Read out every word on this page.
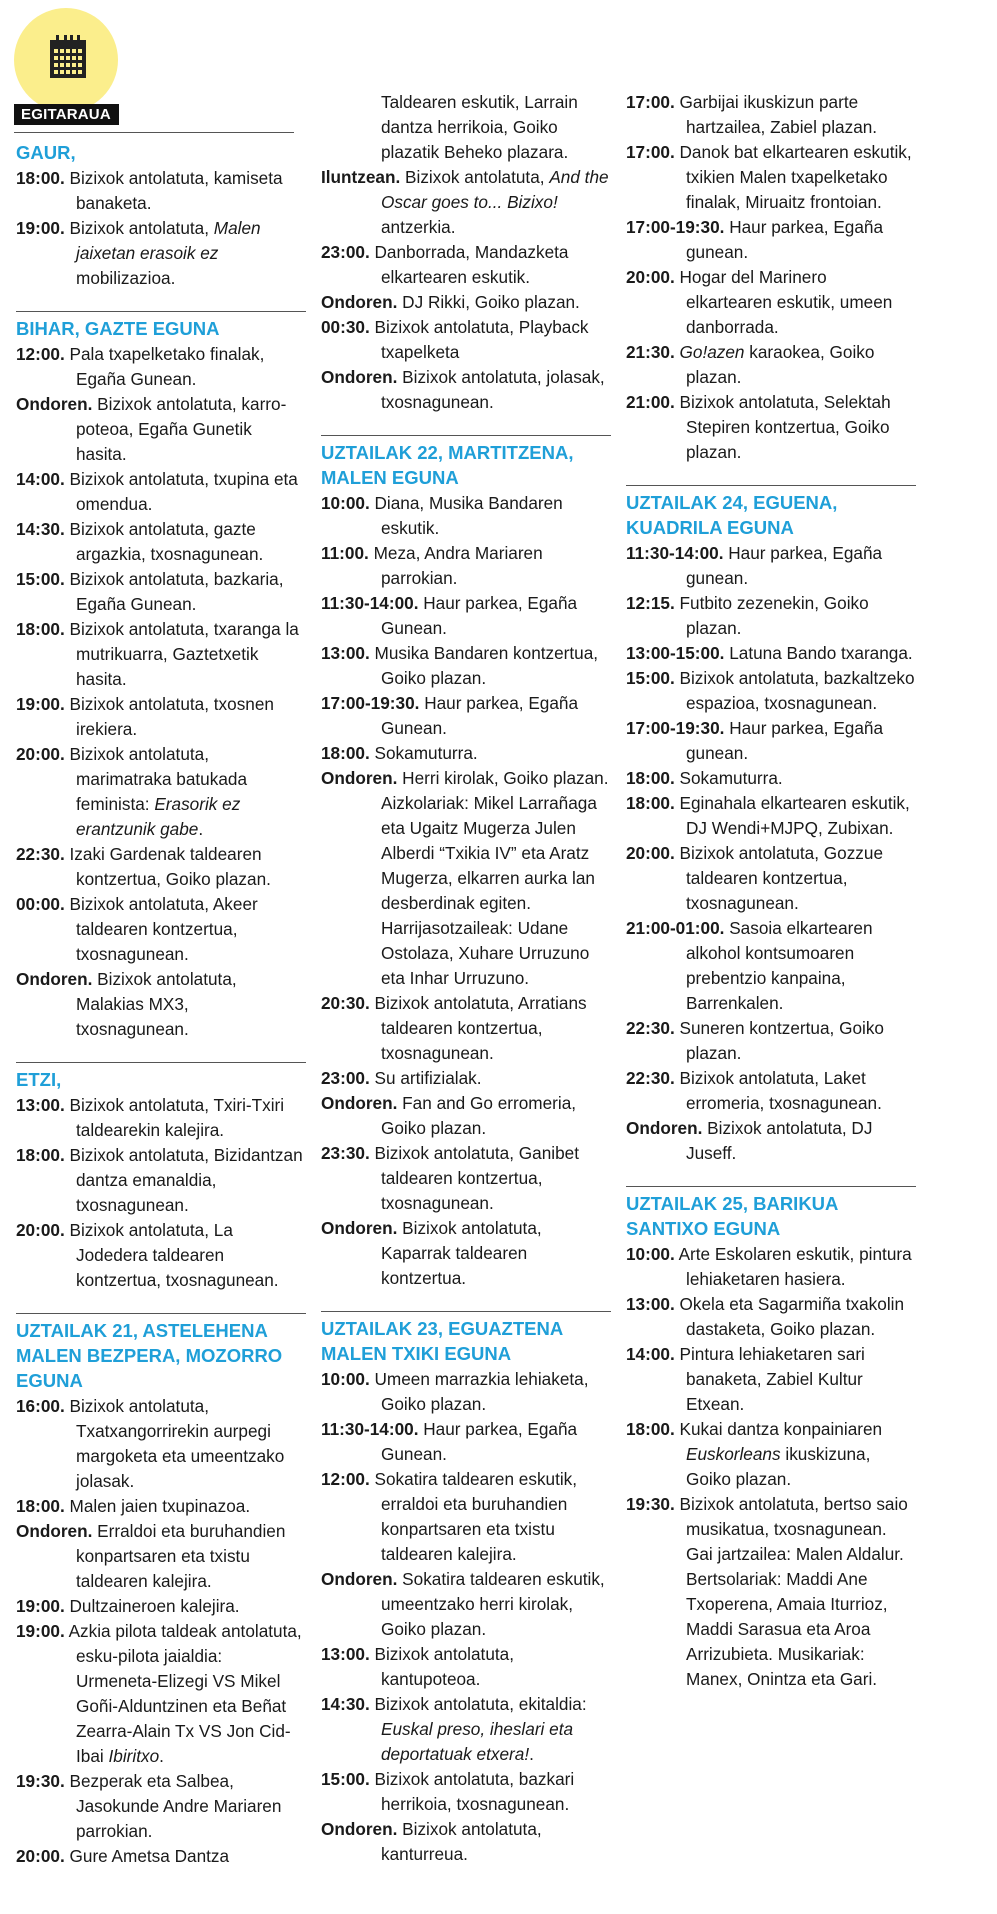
EGITARAUA
GAUR,
18:00. Bizixok antolatuta, kamiseta banaketa.
19:00. Bizixok antolatuta, Malen jaixetan erasoik ez mobilizazioa.
BIHAR, GAZTE EGUNA
12:00. Pala txapelketako finalak, Egaña Gunean.
Ondoren. Bizixok antolatuta, karro-poteoa, Egaña Gunetik hasita.
14:00. Bizixok antolatuta, txupina eta omendua.
14:30. Bizixok antolatuta, gazte argazkia, txosnagunean.
15:00. Bizixok antolatuta, bazkaria, Egaña Gunean.
18:00. Bizixok antolatuta, txaranga la mutrikuarra, Gaztetxetik hasita.
19:00. Bizixok antolatuta, txosnen irekiera.
20:00. Bizixok antolatuta, marimatraka batukada feminista: Erasorik ez erantzunik gabe.
22:30. Izaki Gardenak taldearen kontzertua, Goiko plazan.
00:00. Bizixok antolatuta, Akeer taldearen kontzertua, txosnagunean.
Ondoren. Bizixok antolatuta, Malakias MX3, txosnagunean.
ETZI,
13:00. Bizixok antolatuta, Txiri-Txiri taldearekin kalejira.
18:00. Bizixok antolatuta, Bizidantzan dantza emanaldia, txosnagunean.
20:00. Bizixok antolatuta, La Jodedera taldearen kontzertua, txosnagunean.
UZTAILAK 21, ASTELEHENA MALEN BEZPERA, MOZORRO EGUNA
16:00. Bizixok antolatuta, Txatxangorrirekin aurpegi margoketa eta umeentzako jolasak.
18:00. Malen jaien txupinazoa.
Ondoren. Erraldoi eta buruhandien konpartsaren eta txistu taldearen kalejira.
19:00. Dultzaineroen kalejira.
19:00. Azkia pilota taldeak antolatuta, esku-pilota jaialdia: Urmeneta-Elizegi VS Mikel Goñi-Alduntzinen eta Beñat Zearra-Alain Tx VS Jon Cid-Ibai Ibiritxo.
19:30. Bezperak eta Salbea, Jasokunde Andre Mariaren parrokian.
20:00. Gure Ametsa Dantza
Taldearen eskutik, Larrain dantza herrikoia, Goiko plazatik Beheko plazara.
Iluntzean. Bizixok antolatuta, And the Oscar goes to... Bizixo! antzerkia.
23:00. Danborrada, Mandazketa elkartearen eskutik.
Ondoren. DJ Rikki, Goiko plazan.
00:30. Bizixok antolatuta, Playback txapelketa
Ondoren. Bizixok antolatuta, jolasak, txosnagunean.
UZTAILAK 22, MARTITZENA, MALEN EGUNA
10:00. Diana, Musika Bandaren eskutik.
11:00. Meza, Andra Mariaren parrokian.
11:30-14:00. Haur parkea, Egaña Gunean.
13:00. Musika Bandaren kontzertua, Goiko plazan.
17:00-19:30. Haur parkea, Egaña Gunean.
18:00. Sokamuturra.
Ondoren. Herri kirolak, Goiko plazan. Aizkolariak: Mikel Larrañaga eta Ugaitz Mugerza Julen Alberdi “Txikia IV” eta Aratz Mugerza, elkarren aurka lan desberdinak egiten. Harrijasotzaileak: Udane Ostolaza, Xuhare Urruzuno eta Inhar Urruzuno.
20:30. Bizixok antolatuta, Arratians taldearen kontzertua, txosnagunean.
23:00. Su artifizialak.
Ondoren. Fan and Go erromeria, Goiko plazan.
23:30. Bizixok antolatuta, Ganibet taldearen kontzertua, txosnagunean.
Ondoren. Bizixok antolatuta, Kaparrak taldearen kontzertua.
UZTAILAK 23, EGUAZTENA MALEN TXIKI EGUNA
10:00. Umeen marrazkia lehiaketa, Goiko plazan.
11:30-14:00. Haur parkea, Egaña Gunean.
12:00. Sokatira taldearen eskutik, erraldoi eta buruhandien konpartsaren eta txistu taldearen kalejira.
Ondoren. Sokatira taldearen eskutik, umeentzako herri kirolak, Goiko plazan.
13:00. Bizixok antolatuta, kantupoteoa.
14:30. Bizixok antolatuta, ekitaldia: Euskal preso, iheslari eta deportatuak etxera!.
15:00. Bizixok antolatuta, bazkari herrikoia, txosnagunean.
Ondoren. Bizixok antolatuta, kanturreua.
17:00. Garbijai ikuskizun parte hartzailea, Zabiel plazan.
17:00. Danok bat elkartearen eskutik, txikien Malen txapelketako finalak, Miruaitz frontoian.
17:00-19:30. Haur parkea, Egaña gunean.
20:00. Hogar del Marinero elkartearen eskutik, umeen danborrada.
21:30. Go!azen karaokea, Goiko plazan.
21:00. Bizixok antolatuta, Selektah Stepiren kontzertua, Goiko plazan.
UZTAILAK 24, EGUENA, KUADRILA EGUNA
11:30-14:00. Haur parkea, Egaña gunean.
12:15. Futbito zezenekin, Goiko plazan.
13:00-15:00. Latuna Bando txaranga.
15:00. Bizixok antolatuta, bazkaltzeko espazioa, txosnagunean.
17:00-19:30. Haur parkea, Egaña gunean.
18:00. Sokamuturra.
18:00. Eginahala elkartearen eskutik, DJ Wendi+MJPQ, Zubixan.
20:00. Bizixok antolatuta, Gozzue taldearen kontzertua, txosnagunean.
21:00-01:00. Sasoia elkartearen alkohol kontsumoaren prebentzio kanpaina, Barrenkalen.
22:30. Suneren kontzertua, Goiko plazan.
22:30. Bizixok antolatuta, Laket erromeria, txosnagunean.
Ondoren. Bizixok antolatuta, DJ Juseff.
UZTAILAK 25, BARIKUA SANTIXO EGUNA
10:00. Arte Eskolaren eskutik, pintura lehiaketaren hasiera.
13:00. Okela eta Sagarmiña txakolin dastaketa, Goiko plazan.
14:00. Pintura lehiaketaren sari banaketa, Zabiel Kultur Etxean.
18:00. Kukai dantza konpainiaren Euskorleans ikuskizuna, Goiko plazan.
19:30. Bizixok antolatuta, bertso saio musikatua, txosnagunean. Gai jartzailea: Malen Aldalur. Bertsolariak: Maddi Ane Txoperena, Amaia Iturrioz, Maddi Sarasua eta Aroa Arrizubieta. Musikariak: Manex, Onintza eta Gari.
